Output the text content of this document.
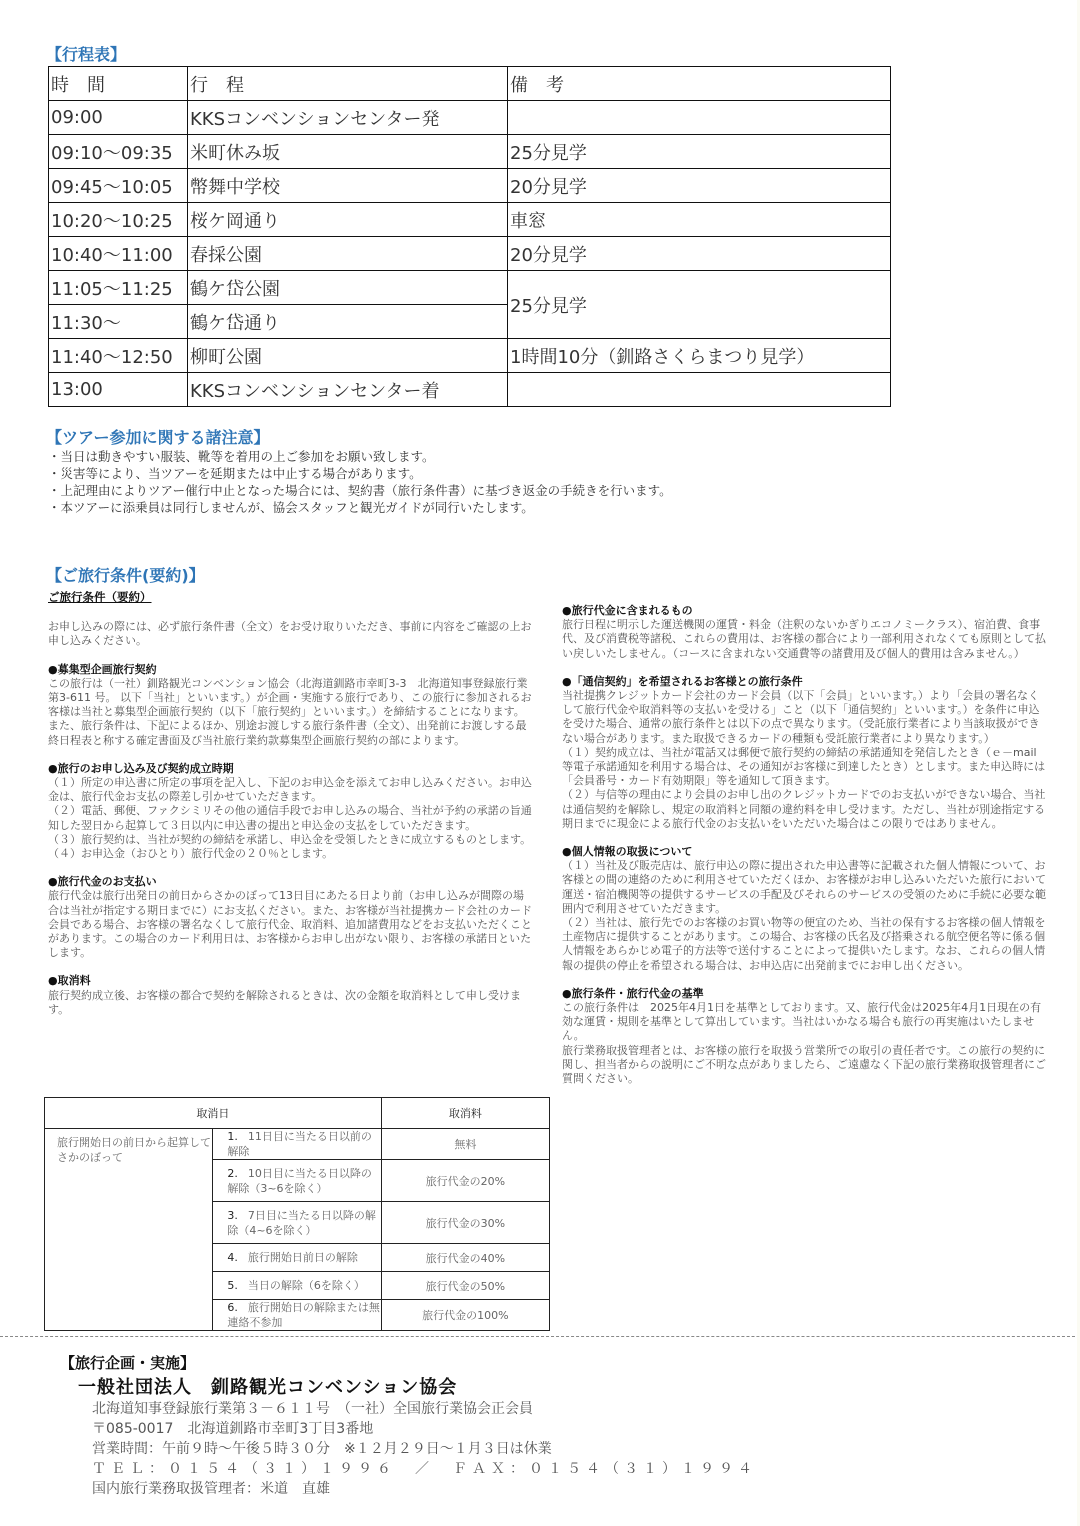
【行程表】
時　間	行　程	備　考
09:00	KKSコンベンションセンター発	
09:10～09:35	米町休み坂	25分見学
09:45～10:05	幣舞中学校	20分見学
10:20～10:25	桜ケ岡通り	車窓
10:40～11:00	春採公園	20分見学
11:05～11:25	鶴ケ岱公園	25分見学
11:30～	鶴ケ岱通り	
11:40～12:50	柳町公園	1時間10分（釧路さくらまつり見学）
13:00	KKSコンベンションセンター着	
【ツアー参加に関する諸注意】
・当日は動きやすい服装、靴等を着用の上ご参加をお願い致します。
・災害等により、当ツアーを延期または中止する場合があります。
・上記理由によりツアー催行中止となった場合には、契約書（旅行条件書）に基づき返金の手続きを行います。
・本ツアーに添乗員は同行しませんが、協会スタッフと観光ガイドが同行いたします。
【ご旅行条件(要約)】
ご旅行条件（要約）

お申し込みの際には、必ず旅行条件書（全文）をお受け取りいただき、事前に内容をご確認の上お申し込みください。

●募集型企画旅行契約

この旅行は（一社）釧路観光コンベンション協会（北海道釧路市幸町3-3　北海道知事登録旅行業第3-611 号。 以下「当社」といいます。）が企画・実施する旅行であり、この旅行に参加されるお客様は当社と募集型企画旅行契約（以下「旅行契約」といいます。）を締結することになります。また、旅行条件は、下記によるほか、別途お渡しする旅行条件書（全文）、出発前にお渡しする最終日程表と称する確定書面及び当社旅行業約款募集型企画旅行契約の部によります。

●旅行のお申し込み及び契約成立時期

（１）所定の申込書に所定の事項を記入し、下記のお申込金を添えてお申し込みください。お申込金は、旅行代金お支払の際差し引かせていただきます。

（２）電話、郵便、ファクシミリその他の通信手段でお申し込みの場合、当社が予約の承諾の旨通知した翌日から起算して３日以内に申込書の提出と申込金の支払をしていただきます。

（３）旅行契約は、当社が契約の締結を承諾し、申込金を受領したときに成立するものとします。

（４）お申込金（おひとり）旅行代金の２０％とします。

●旅行代金のお支払い

旅行代金は旅行出発日の前日からさかのぼって13日目にあたる日より前（お申し込みが間際の場合は当社が指定する期日までに）にお支払ください。また、お客様が当社提携カード会社のカード会員である場合、お客様の署名なくして旅行代金、取消料、追加諸費用などをお支払いただくことがあります。この場合のカード利用日は、お客様からお申し出がない限り、お客様の承諾日といたします。

●取消料

旅行契約成立後、お客様の都合で契約を解除されるときは、次の金額を取消料として申し受けます。

取消日		取消料
旅行開始日の前日から起算してさかのぼって	1. 11日目に当たる日以前の解除	無料
	2. 10日目に当たる日以降の解除（3~6を除く）	旅行代金の20%
	3. 7日目に当たる日以降の解除（4~6を除く）	旅行代金の30%
	4. 旅行開始日前日の解除	旅行代金の40%
	5. 当日の解除（6を除く）	旅行代金の50%
	6. 旅行開始日の解除または無連絡不参加	旅行代金の100%

●旅行代金に含まれるもの

旅行日程に明示した運送機関の運賃・料金（注釈のないかぎりエコノミークラス）、宿泊費、食事代、及び消費税等諸税、これらの費用は、お客様の都合により一部利用されなくても原則として払い戻しいたしません。（コースに含まれない交通費等の諸費用及び個人的費用は含みません。）

●「通信契約」を希望されるお客様との旅行条件

当社提携クレジットカード会社のカード会員（以下「会員」といいます。）より「会員の署名なくして旅行代金や取消料等の支払いを受ける」こと（以下「通信契約」といいます。）を条件に申込を受けた場合、通常の旅行条件とは以下の点で異なります。（受託旅行業者により当該取扱ができない場合があります。また取扱できるカードの種類も受託旅行業者により異なります。）

（１）契約成立は、当社が電話又は郵便で旅行契約の締結の承諾通知を発信したとき（ｅ－mail等電子承諾通知を利用する場合は、その通知がお客様に到達したとき）とします。また申込時には「会員番号・カード有効期限」等を通知して頂きます。

（２）与信等の理由により会員のお申し出のクレジットカードでのお支払いができない場合、当社は通信契約を解除し、規定の取消料と同額の違約料を申し受けます。ただし、当社が別途指定する期日までに現金による旅行代金のお支払いをいただいた場合はこの限りではありません。

●個人情報の取扱について

（１）当社及び販売店は、旅行申込の際に提出された申込書等に記載された個人情報について、お客様との間の連絡のために利用させていただくほか、お客様がお申し込みいただいた旅行において運送・宿泊機関等の提供するサービスの手配及びそれらのサービスの受領のために手続に必要な範囲内で利用させていただきます。

（２）当社は、旅行先でのお客様のお買い物等の便宜のため、当社の保有するお客様の個人情報を土産物店に提供することがあります。この場合、お客様の氏名及び搭乗される航空便名等に係る個人情報をあらかじめ電子的方法等で送付することによって提供いたします。なお、これらの個人情報の提供の停止を希望される場合は、お申込店に出発前までにお申し出ください。

●旅行条件・旅行代金の基準

この旅行条件は　2025年4月1日を基準としております。又、旅行代金は2025年4月1日現在の有効な運賃・規則を基準として算出しています。当社はいかなる場合も旅行の再実施はいたしません。

旅行業務取扱管理者とは、お客様の旅行を取扱う営業所での取引の責任者です。この旅行の契約に関し、担当者からの説明にご不明な点がありましたら、ご遠慮なく下記の旅行業務取扱管理者にご質問ください。

【旅行企画・実施】
一般社団法人　釧路観光コンベンション協会
北海道知事登録旅行業第３－６１１号　（一社）全国旅行業協会正会員
〒085-0017　北海道釧路市幸町3丁目3番地
営業時間：午前９時～午後５時３０分　※１２月２９日～１月３日は休業
ＴＥＬ：０１５４（３１）１９９６　／　ＦＡＸ：０１５４（３１）１９９４
国内旅行業務取扱管理者：米道　直雄
